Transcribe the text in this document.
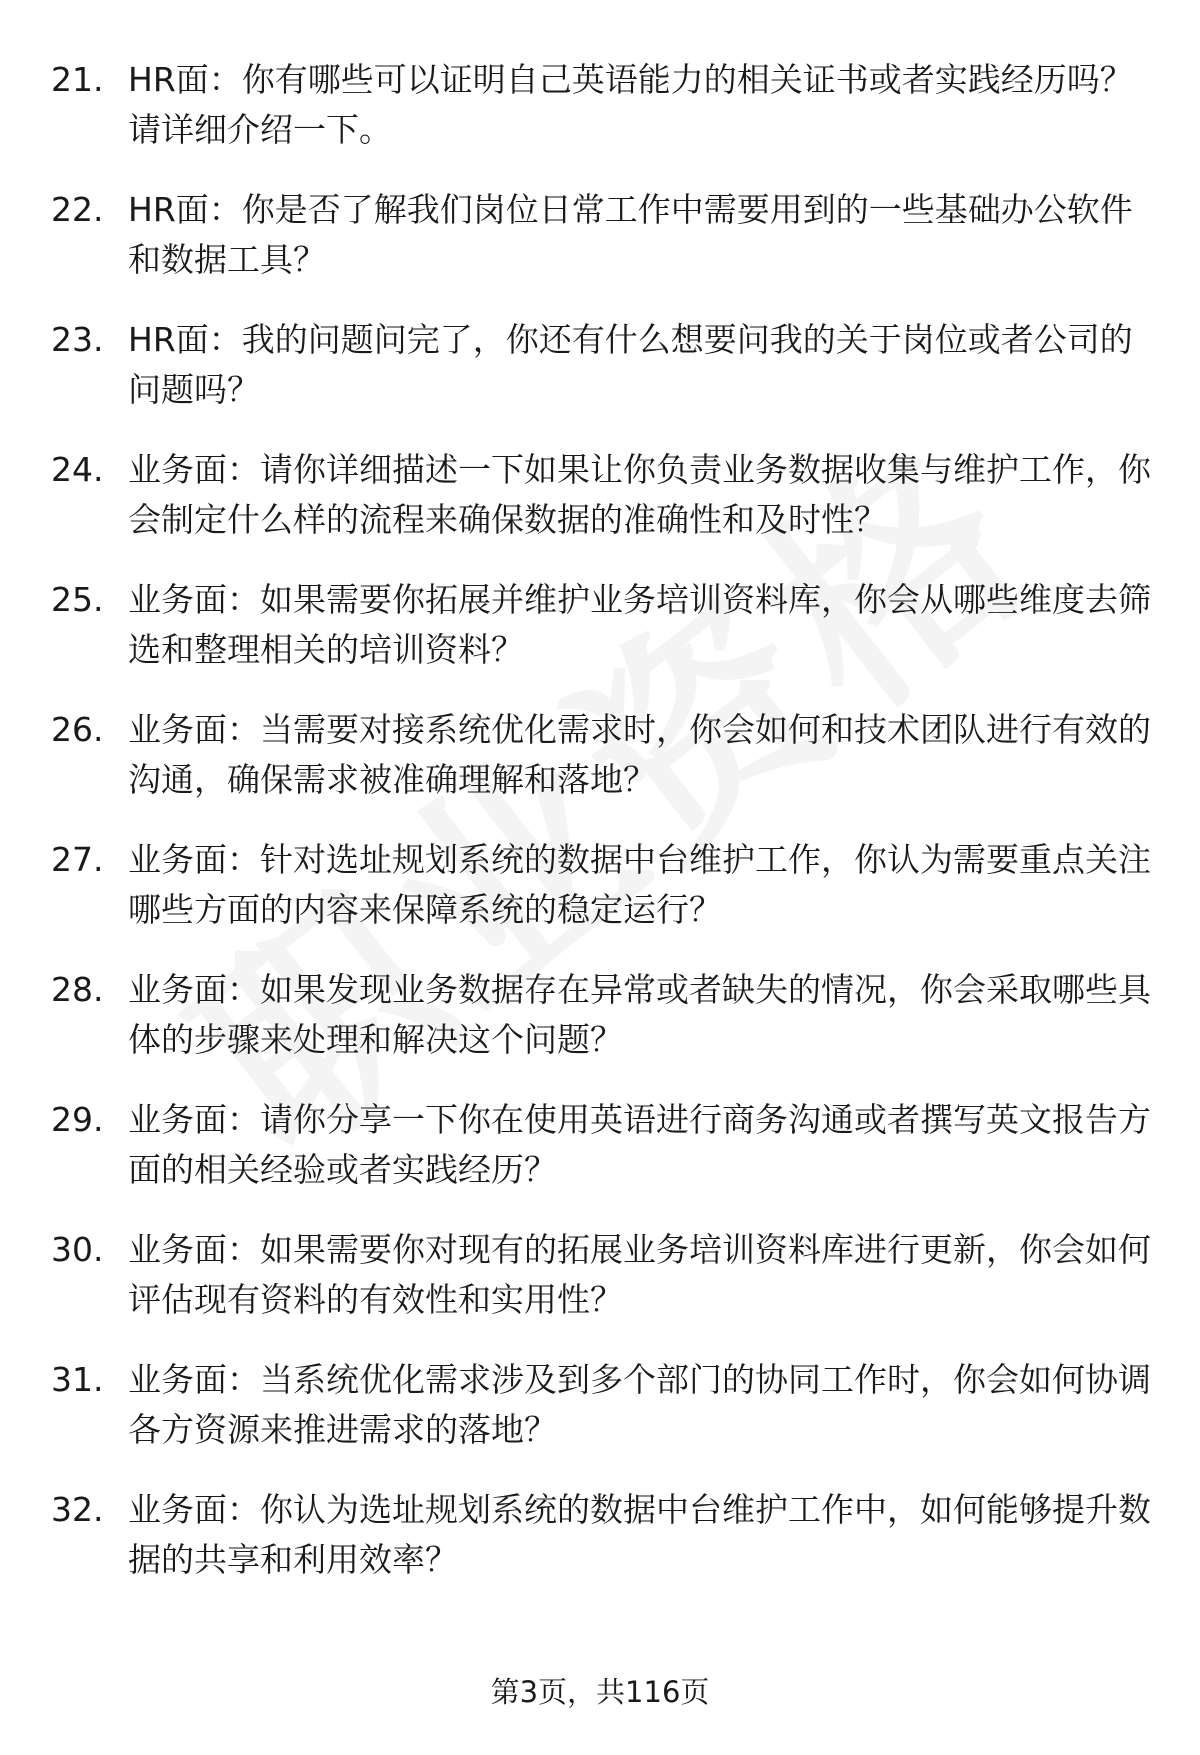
21. HR面：你有哪些可以证明自己英语能力的相关证书或者实践经历吗？请详细介绍一下。
22. HR面：你是否了解我们岗位日常工作中需要用到的一些基础办公软件和数据工具？
23. HR面：我的问题问完了，你还有什么想要问我的关于岗位或者公司的问题吗？
24. 业务面：请你详细描述一下如果让你负责业务数据收集与维护工作，你会制定什么样的流程来确保数据的准确性和及时性？
25. 业务面：如果需要你拓展并维护业务培训资料库，你会从哪些维度去筛选和整理相关的培训资料？
26. 业务面：当需要对接系统优化需求时，你会如何和技术团队进行有效的沟通，确保需求被准确理解和落地？
27. 业务面：针对选址规划系统的数据中台维护工作，你认为需要重点关注哪些方面的内容来保障系统的稳定运行？
28. 业务面：如果发现业务数据存在异常或者缺失的情况，你会采取哪些具体的步骤来处理和解决这个问题？
29. 业务面：请你分享一下你在使用英语进行商务沟通或者撰写英文报告方面的相关经验或者实践经历？
30. 业务面：如果需要你对现有的拓展业务培训资料库进行更新，你会如何评估现有资料的有效性和实用性？
31. 业务面：当系统优化需求涉及到多个部门的协同工作时，你会如何协调各方资源来推进需求的落地？
32. 业务面：你认为选址规划系统的数据中台维护工作中，如何能够提升数据的共享和利用效率？
第3页，共116页
